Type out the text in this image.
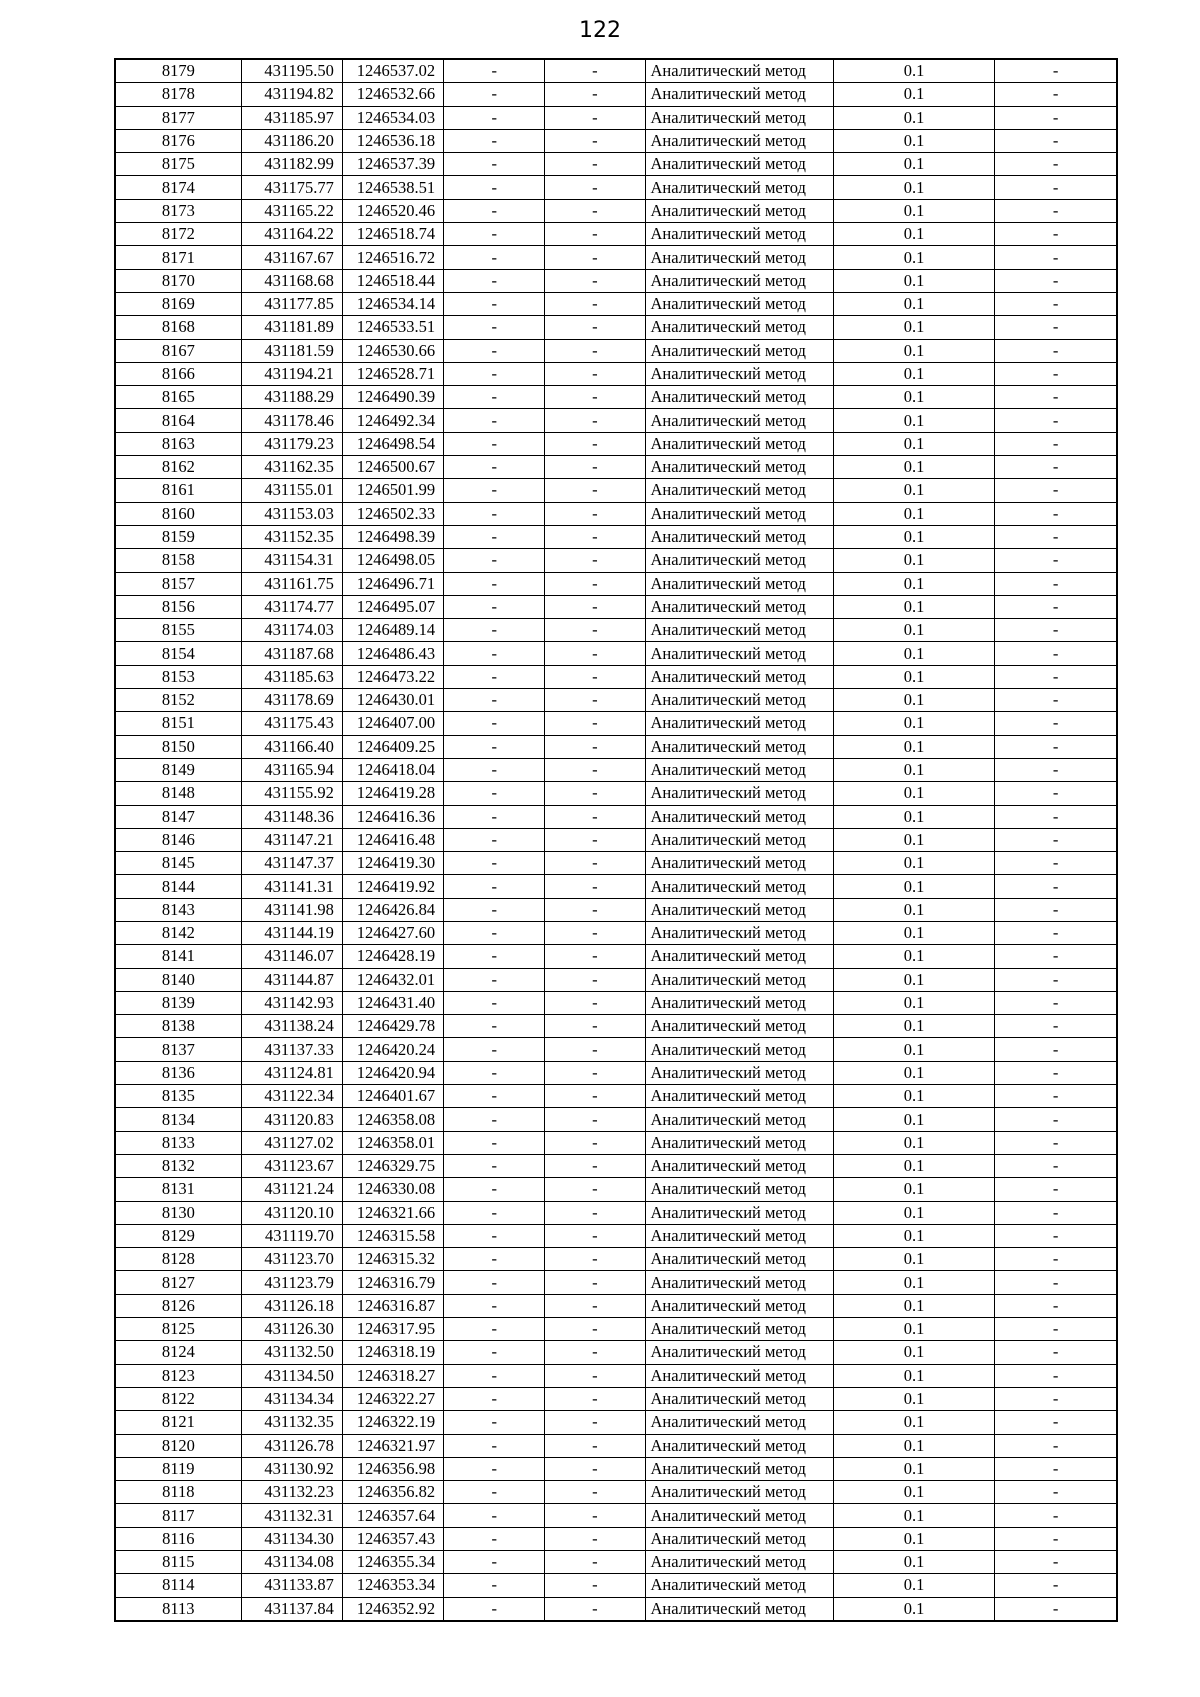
122
8179	431195.50	1246537.02	-	-	Аналитический метод	0.1	-
8178	431194.82	1246532.66	-	-	Аналитический метод	0.1	-
8177	431185.97	1246534.03	-	-	Аналитический метод	0.1	-
8176	431186.20	1246536.18	-	-	Аналитический метод	0.1	-
8175	431182.99	1246537.39	-	-	Аналитический метод	0.1	-
8174	431175.77	1246538.51	-	-	Аналитический метод	0.1	-
8173	431165.22	1246520.46	-	-	Аналитический метод	0.1	-
8172	431164.22	1246518.74	-	-	Аналитический метод	0.1	-
8171	431167.67	1246516.72	-	-	Аналитический метод	0.1	-
8170	431168.68	1246518.44	-	-	Аналитический метод	0.1	-
8169	431177.85	1246534.14	-	-	Аналитический метод	0.1	-
8168	431181.89	1246533.51	-	-	Аналитический метод	0.1	-
8167	431181.59	1246530.66	-	-	Аналитический метод	0.1	-
8166	431194.21	1246528.71	-	-	Аналитический метод	0.1	-
8165	431188.29	1246490.39	-	-	Аналитический метод	0.1	-
8164	431178.46	1246492.34	-	-	Аналитический метод	0.1	-
8163	431179.23	1246498.54	-	-	Аналитический метод	0.1	-
8162	431162.35	1246500.67	-	-	Аналитический метод	0.1	-
8161	431155.01	1246501.99	-	-	Аналитический метод	0.1	-
8160	431153.03	1246502.33	-	-	Аналитический метод	0.1	-
8159	431152.35	1246498.39	-	-	Аналитический метод	0.1	-
8158	431154.31	1246498.05	-	-	Аналитический метод	0.1	-
8157	431161.75	1246496.71	-	-	Аналитический метод	0.1	-
8156	431174.77	1246495.07	-	-	Аналитический метод	0.1	-
8155	431174.03	1246489.14	-	-	Аналитический метод	0.1	-
8154	431187.68	1246486.43	-	-	Аналитический метод	0.1	-
8153	431185.63	1246473.22	-	-	Аналитический метод	0.1	-
8152	431178.69	1246430.01	-	-	Аналитический метод	0.1	-
8151	431175.43	1246407.00	-	-	Аналитический метод	0.1	-
8150	431166.40	1246409.25	-	-	Аналитический метод	0.1	-
8149	431165.94	1246418.04	-	-	Аналитический метод	0.1	-
8148	431155.92	1246419.28	-	-	Аналитический метод	0.1	-
8147	431148.36	1246416.36	-	-	Аналитический метод	0.1	-
8146	431147.21	1246416.48	-	-	Аналитический метод	0.1	-
8145	431147.37	1246419.30	-	-	Аналитический метод	0.1	-
8144	431141.31	1246419.92	-	-	Аналитический метод	0.1	-
8143	431141.98	1246426.84	-	-	Аналитический метод	0.1	-
8142	431144.19	1246427.60	-	-	Аналитический метод	0.1	-
8141	431146.07	1246428.19	-	-	Аналитический метод	0.1	-
8140	431144.87	1246432.01	-	-	Аналитический метод	0.1	-
8139	431142.93	1246431.40	-	-	Аналитический метод	0.1	-
8138	431138.24	1246429.78	-	-	Аналитический метод	0.1	-
8137	431137.33	1246420.24	-	-	Аналитический метод	0.1	-
8136	431124.81	1246420.94	-	-	Аналитический метод	0.1	-
8135	431122.34	1246401.67	-	-	Аналитический метод	0.1	-
8134	431120.83	1246358.08	-	-	Аналитический метод	0.1	-
8133	431127.02	1246358.01	-	-	Аналитический метод	0.1	-
8132	431123.67	1246329.75	-	-	Аналитический метод	0.1	-
8131	431121.24	1246330.08	-	-	Аналитический метод	0.1	-
8130	431120.10	1246321.66	-	-	Аналитический метод	0.1	-
8129	431119.70	1246315.58	-	-	Аналитический метод	0.1	-
8128	431123.70	1246315.32	-	-	Аналитический метод	0.1	-
8127	431123.79	1246316.79	-	-	Аналитический метод	0.1	-
8126	431126.18	1246316.87	-	-	Аналитический метод	0.1	-
8125	431126.30	1246317.95	-	-	Аналитический метод	0.1	-
8124	431132.50	1246318.19	-	-	Аналитический метод	0.1	-
8123	431134.50	1246318.27	-	-	Аналитический метод	0.1	-
8122	431134.34	1246322.27	-	-	Аналитический метод	0.1	-
8121	431132.35	1246322.19	-	-	Аналитический метод	0.1	-
8120	431126.78	1246321.97	-	-	Аналитический метод	0.1	-
8119	431130.92	1246356.98	-	-	Аналитический метод	0.1	-
8118	431132.23	1246356.82	-	-	Аналитический метод	0.1	-
8117	431132.31	1246357.64	-	-	Аналитический метод	0.1	-
8116	431134.30	1246357.43	-	-	Аналитический метод	0.1	-
8115	431134.08	1246355.34	-	-	Аналитический метод	0.1	-
8114	431133.87	1246353.34	-	-	Аналитический метод	0.1	-
8113	431137.84	1246352.92	-	-	Аналитический метод	0.1	-
